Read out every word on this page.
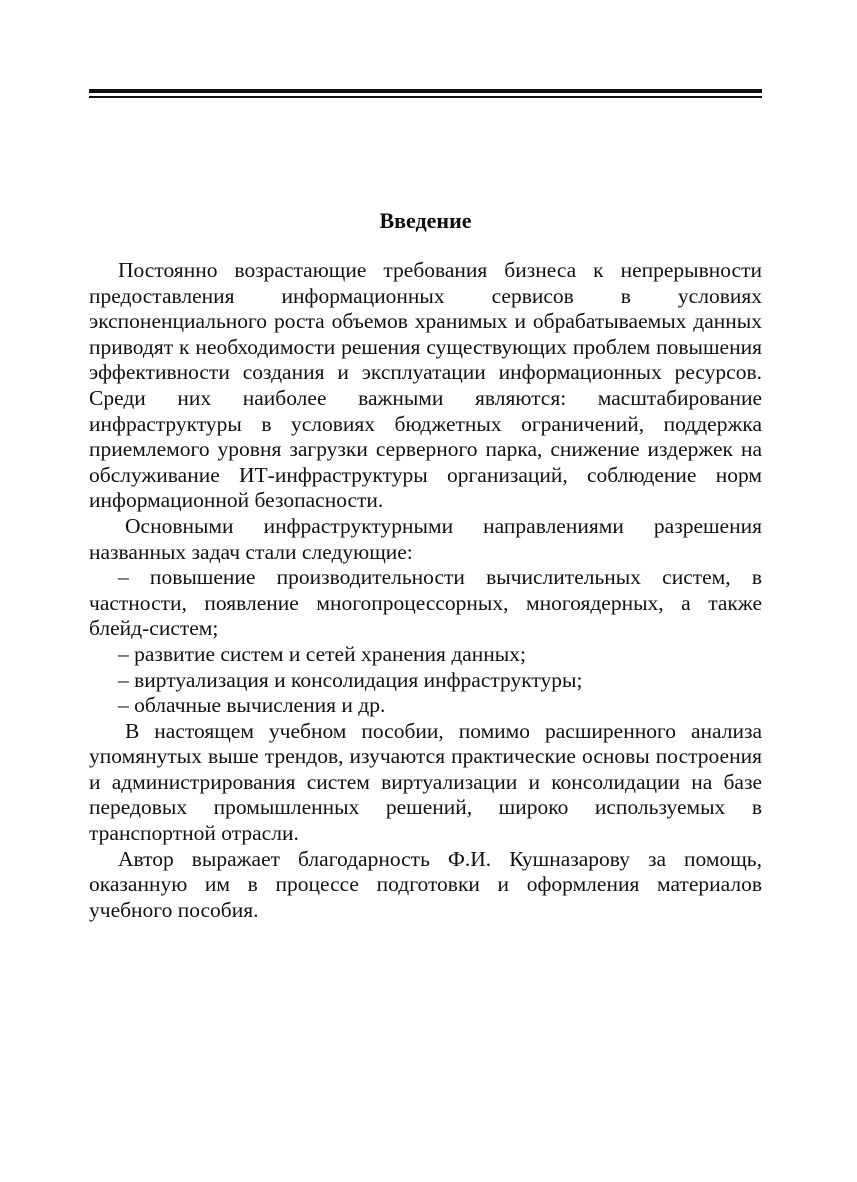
Введение

Постоянно возрастающие требования бизнеса к непрерывности предоставления информационных сервисов в условиях экспоненциального роста объемов хранимых и обрабатываемых данных приводят к необходимости решения существующих проблем повышения эффективности создания и эксплуатации информационных ресурсов. Среди них наиболее важными являются: масштабирование инфраструктуры в условиях бюджетных ограничений, поддержка приемлемого уровня загрузки серверного парка, снижение издержек на обслуживание ИТ-инфраструктуры организаций, соблюдение норм информационной безопасности.

Основными инфраструктурными направлениями разрешения названных задач стали следующие:

– повышение производительности вычислительных систем, в частности, появление многопроцессорных, многоядерных, а также блейд-систем;

– развитие систем и сетей хранения данных;

– виртуализация и консолидация инфраструктуры;

– облачные вычисления и др.

В настоящем учебном пособии, помимо расширенного анализа упомянутых выше трендов, изучаются практические основы построения и администрирования систем виртуализации и консолидации на базе передовых промышленных решений, широко используемых в транспортной отрасли.

Автор выражает благодарность Ф.И. Кушназарову за помощь, оказанную им в процессе подготовки и оформления материалов учебного пособия.
